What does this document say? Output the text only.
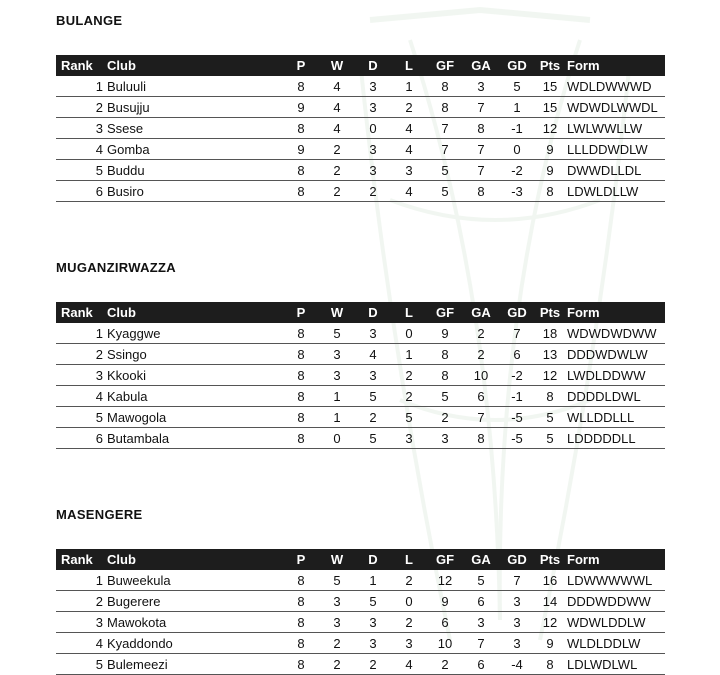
BULANGE
Rank	Club	P	W	D	L	GF	GA	GD	Pts	Form
1	Buluuli	8	4	3	1	8	3	5	15	WDLDWWWD
2	Busujju	9	4	3	2	8	7	1	15	WDWDLWWDL
3	Ssese	8	4	0	4	7	8	-1	12	LWLWWLLW
4	Gomba	9	2	3	4	7	7	0	9	LLLDDWDLW
5	Buddu	8	2	3	3	5	7	-2	9	DWWDLLDL
6	Busiro	8	2	2	4	5	8	-3	8	LDWLDLLW
MUGANZIRWAZZA
Rank	Club	P	W	D	L	GF	GA	GD	Pts	Form
1	Kyaggwe	8	5	3	0	9	2	7	18	WDWDWDWW
2	Ssingo	8	3	4	1	8	2	6	13	DDDWDWLW
3	Kkooki	8	3	3	2	8	10	-2	12	LWDLDDWW
4	Kabula	8	1	5	2	5	6	-1	8	DDDDLDWL
5	Mawogola	8	1	2	5	2	7	-5	5	WLLDDLLL
6	Butambala	8	0	5	3	3	8	-5	5	LDDDDDLL
MASENGERE
Rank	Club	P	W	D	L	GF	GA	GD	Pts	Form
1	Buweekula	8	5	1	2	12	5	7	16	LDWWWWWL
2	Bugerere	8	3	5	0	9	6	3	14	DDDWDDWW
3	Mawokota	8	3	3	2	6	3	3	12	WDWLDDLW
4	Kyaddondo	8	2	3	3	10	7	3	9	WLDLDDLW
5	Bulemeezi	8	2	2	4	2	6	-4	8	LDLWDLWL
